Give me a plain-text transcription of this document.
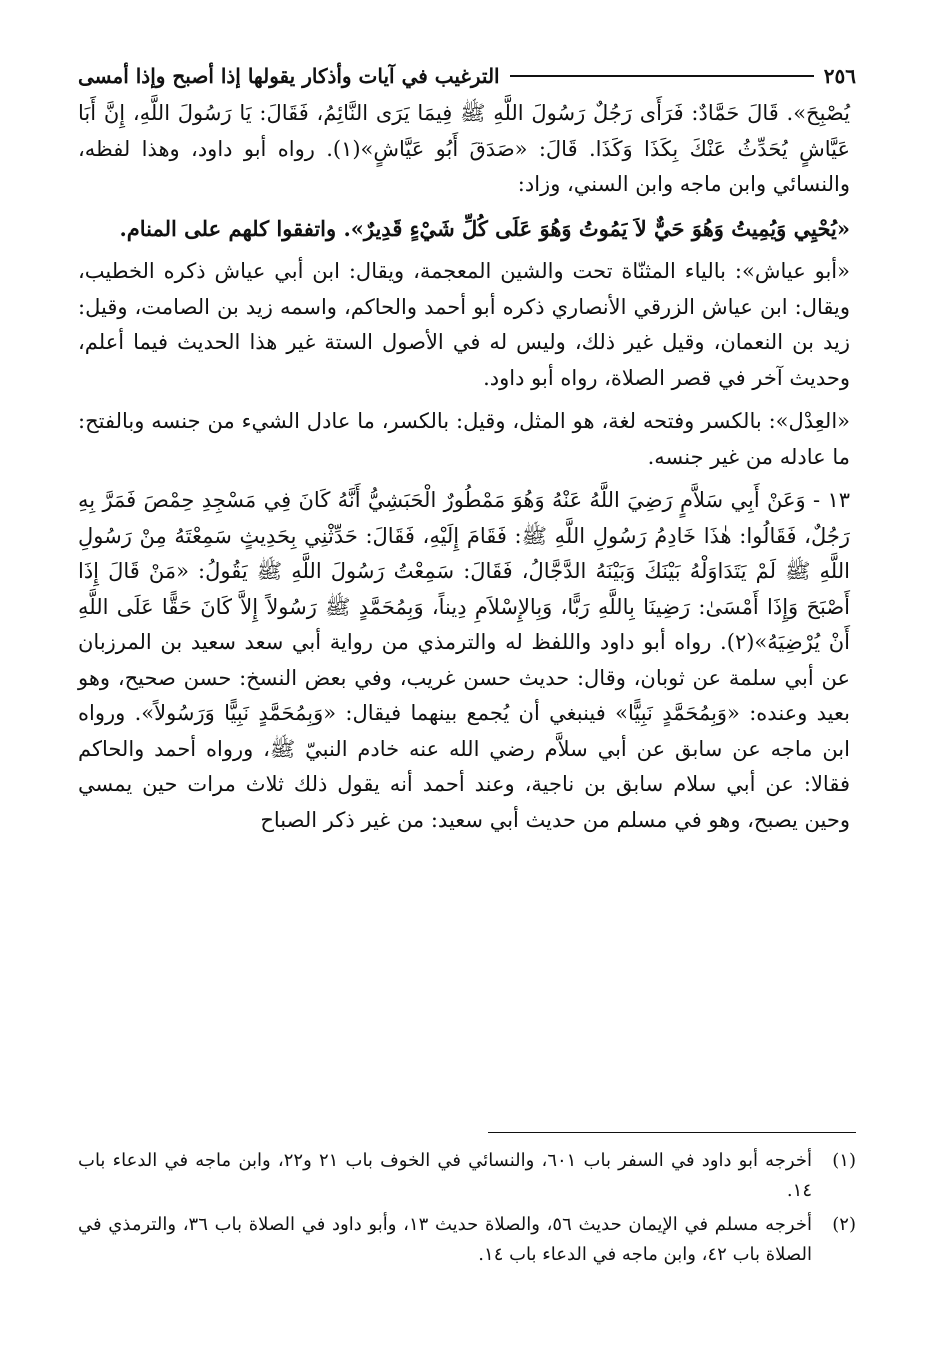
٢٥٦
الترغيب في آيات وأذكار يقولها إذا أصبح وإذا أمسى

يُصْبِحَ». قَالَ حَمَّادٌ: فَرَأَى رَجُلٌ رَسُولَ اللَّهِ ﷺ فِيمَا يَرَى النَّائِمُ، فَقَالَ: يَا رَسُولَ اللَّهِ، إِنَّ أَبَا عَيَّاشٍ يُحَدِّثُ عَنْكَ بِكَذَا وَكَذَا. قَالَ: «صَدَقَ أَبُو عَيَّاشٍ»(١). رواه أبو داود، وهذا لفظه، والنسائي وابن ماجه وابن السني، وزاد:

«يُحْيِي وَيُمِيتُ وَهُوَ حَيٌّ لاَ يَمُوتُ وَهُوَ عَلَى كُلِّ شَيْءٍ قَدِيرٌ». واتفقوا كلهم على المنام.

«أبو عياش»: بالياء المثنّاة تحت والشين المعجمة، ويقال: ابن أبي عياش ذكره الخطيب، ويقال: ابن عياش الزرقي الأنصاري ذكره أبو أحمد والحاكم، واسمه زيد بن الصامت، وقيل: زيد بن النعمان، وقيل غير ذلك، وليس له في الأصول الستة غير هذا الحديث فيما أعلم، وحديث آخر في قصر الصلاة، رواه أبو داود.

«العِدْل»: بالكسر وفتحه لغة، هو المثل، وقيل: بالكسر، ما عادل الشيء من جنسه وبالفتح: ما عادله من غير جنسه.

١٣ - وَعَنْ أَبِي سَلاَّمٍ رَضِيَ اللَّهُ عَنْهُ وَهُوَ مَمْطُورٌ الْحَبَشِيُّ أَنَّهُ كَانَ فِي مَسْجِدِ حِمْصَ فَمَرَّ بِهِ رَجُلٌ، فَقَالُوا: هٰذَا خَادِمُ رَسُولِ اللَّهِ ﷺ: فَقَامَ إِلَيْهِ، فَقَالَ: حَدِّثْنِي بِحَدِيثٍ سَمِعْتَهُ مِنْ رَسُولِ اللَّهِ ﷺ لَمْ يَتَدَاوَلْهُ بَيْنَكَ وَبَيْنَهُ الدَّجَّالُ، فَقَالَ: سَمِعْتُ رَسُولَ اللَّهِ ﷺ يَقُولُ: «مَنْ قَالَ إِذَا أَصْبَحَ وَإِذَا أَمْسَىٰ: رَضِينَا بِاللَّهِ رَبًّا، وَبِالإِسْلاَمِ دِيناً، وَبِمُحَمَّدٍ ﷺ رَسُولاً إِلاَّ كَانَ حَقًّا عَلَى اللَّهِ أَنْ يُرْضِيَهُ»(٢). رواه أبو داود واللفظ له والترمذي من رواية أبي سعد سعيد بن المرزبان عن أبي سلمة عن ثوبان، وقال: حديث حسن غريب، وفي بعض النسخ: حسن صحيح، وهو بعيد وعنده: «وَبِمُحَمَّدٍ نَبِيًّا» فينبغي أن يُجمع بينهما فيقال: «وَبِمُحَمَّدٍ نَبِيًّا وَرَسُولاً». ورواه ابن ماجه عن سابق عن أبي سلاَّم رضي الله عنه خادم النبيّ ﷺ، ورواه أحمد والحاكم فقالا: عن أبي سلام سابق بن ناجية، وعند أحمد أنه يقول ذلك ثلاث مرات حين يمسي وحين يصبح، وهو في مسلم من حديث أبي سعيد: من غير ذكر الصباح

(١)
أخرجه أبو داود في السفر باب ٦٠١، والنسائي في الخوف باب ٢١ و٢٢، وابن ماجه في الدعاء باب ١٤.
(٢)
أخرجه مسلم في الإيمان حديث ٥٦، والصلاة حديث ١٣، وأبو داود في الصلاة باب ٣٦، والترمذي في الصلاة باب ٤٢، وابن ماجه في الدعاء باب ١٤.
